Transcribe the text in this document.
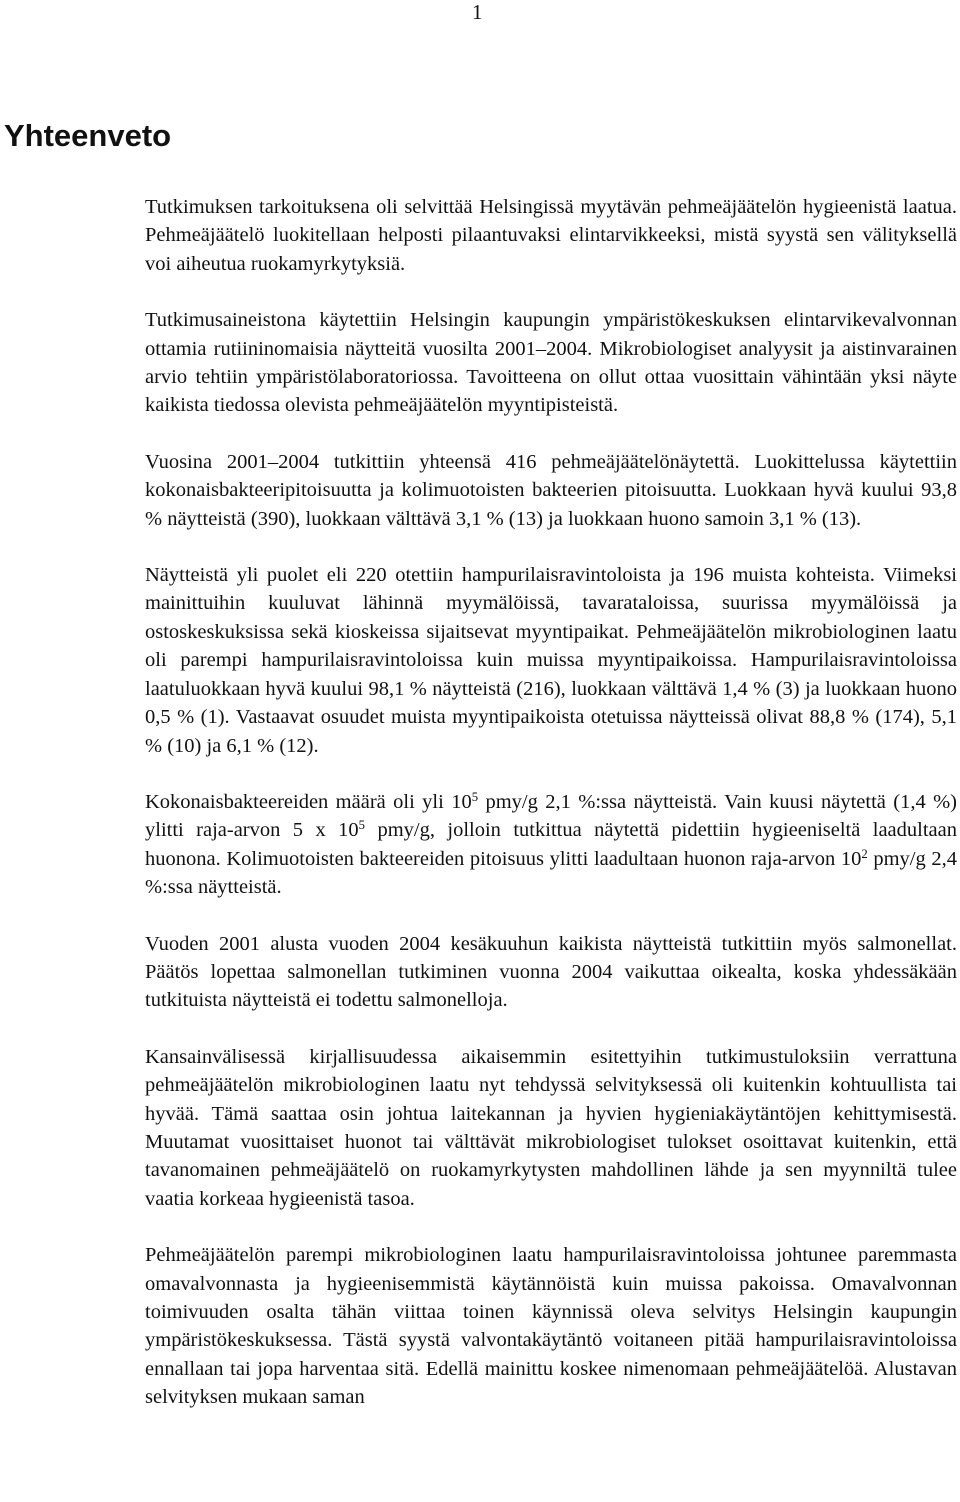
1
Yhteenveto

Tutkimuksen tarkoituksena oli selvittää Helsingissä myytävän pehmeäjäätelön hygieenistä laatua. Pehmeäjäätelö luokitellaan helposti pilaantuvaksi elintarvikkeeksi, mistä syystä sen välityksellä voi aiheutua ruokamyrkytyksiä.

Tutkimusaineistona käytettiin Helsingin kaupungin ympäristökeskuksen elintarvikevalvonnan ottamia rutiininomaisia näytteitä vuosilta 2001–2004. Mikrobiologiset analyysit ja aistinvarainen arvio tehtiin ympäristölaboratoriossa. Tavoitteena on ollut ottaa vuosittain vähintään yksi näyte kaikista tiedossa olevista pehmeäjäätelön myyntipisteistä.

Vuosina 2001–2004 tutkittiin yhteensä 416 pehmeäjäätelönäytettä. Luokittelussa käytettiin kokonaisbakteeripitoisuutta ja kolimuotoisten bakteerien pitoisuutta. Luokkaan hyvä kuului 93,8 % näytteistä (390), luokkaan välttävä 3,1 % (13) ja luokkaan huono samoin 3,1 % (13).

Näytteistä yli puolet eli 220 otettiin hampurilaisravintoloista ja 196 muista kohteista. Viimeksi mainittuihin kuuluvat lähinnä myymälöissä, tavarataloissa, suurissa myymälöissä ja ostoskeskuksissa sekä kioskeissa sijaitsevat myyntipaikat. Pehmeäjäätelön mikrobiologinen laatu oli parempi hampurilaisravintoloissa kuin muissa myyntipaikoissa. Hampurilaisravintoloissa laatuluokkaan hyvä kuului 98,1 % näytteistä (216), luokkaan välttävä 1,4 % (3) ja luokkaan huono 0,5 % (1). Vastaavat osuudet muista myyntipaikoista otetuissa näytteissä olivat 88,8 % (174), 5,1 % (10) ja 6,1 % (12).

Kokonaisbakteereiden määrä oli yli $10^5$ pmy/g 2,1 %:ssa näytteistä. Vain kuusi näytettä (1,4 %) ylitti raja-arvon 5 x $10^5$ pmy/g, jolloin tutkittua näytettä pidettiin hygieeniseltä laadultaan huonona. Kolimuotoisten bakteereiden pitoisuus ylitti laadultaan huonon raja-arvon $10^2$ pmy/g 2,4 %:ssa näytteistä.

Vuoden 2001 alusta vuoden 2004 kesäkuuhun kaikista näytteistä tutkittiin myös salmonellat. Päätös lopettaa salmonellan tutkiminen vuonna 2004 vaikuttaa oikealta, koska yhdessäkään tutkituista näytteistä ei todettu salmonelloja.

Kansainvälisessä kirjallisuudessa aikaisemmin esitettyihin tutkimustuloksiin verrattuna pehmeäjäätelön mikrobiologinen laatu nyt tehdyssä selvityksessä oli kuitenkin kohtuullista tai hyvää. Tämä saattaa osin johtua laitekannan ja hyvien hygieniakäytäntöjen kehittymisestä. Muutamat vuosittaiset huonot tai välttävät mikrobiologiset tulokset osoittavat kuitenkin, että tavanomainen pehmeäjäätelö on ruokamyrkytysten mahdollinen lähde ja sen myynniltä tulee vaatia korkeaa hygieenistä tasoa.

Pehmeäjäätelön parempi mikrobiologinen laatu hampurilaisravintoloissa johtunee paremmasta omavalvonnasta ja hygieenisemmistä käytännöistä kuin muissa pakoissa. Omavalvonnan toimivuuden osalta tähän viittaa toinen käynnissä oleva selvitys Helsingin kaupungin ympäristökeskuksessa. Tästä syystä valvontakäytäntö voitaneen pitää hampurilaisravintoloissa ennallaan tai jopa harventaa sitä. Edellä mainittu koskee nimenomaan pehmeäjäätelöä. Alustavan selvityksen mukaan saman
